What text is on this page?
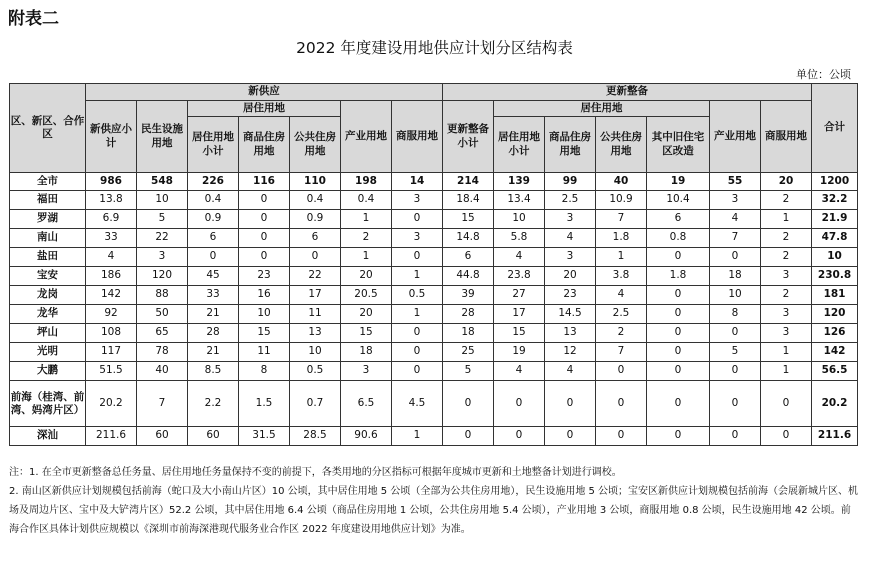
附表二
2022 年度建设用地供应计划分区结构表
单位：公顷
区、新区、合作区	新供应							更新整备							合计
	新供应小计	民生设施用地	居住用地			产业用地	商服用地	更新整备小计	居住用地				产业用地	商服用地	
			居住用地小计	商品住房用地	公共住房用地				居住用地小计	商品住房用地	公共住房用地	其中旧住宅区改造			
全市	986	548	226	116	110	198	14	214	139	99	40	19	55	20	1200
福田	13.8	10	0.4	0	0.4	0.4	3	18.4	13.4	2.5	10.9	10.4	3	2	32.2
罗湖	6.9	5	0.9	0	0.9	1	0	15	10	3	7	6	4	1	21.9
南山	33	22	6	0	6	2	3	14.8	5.8	4	1.8	0.8	7	2	47.8
盐田	4	3	0	0	0	1	0	6	4	3	1	0	0	2	10
宝安	186	120	45	23	22	20	1	44.8	23.8	20	3.8	1.8	18	3	230.8
龙岗	142	88	33	16	17	20.5	0.5	39	27	23	4	0	10	2	181
龙华	92	50	21	10	11	20	1	28	17	14.5	2.5	0	8	3	120
坪山	108	65	28	15	13	15	0	18	15	13	2	0	0	3	126
光明	117	78	21	11	10	18	0	25	19	12	7	0	5	1	142
大鹏	51.5	40	8.5	8	0.5	3	0	5	4	4	0	0	0	1	56.5
前海（桂湾、前湾、妈湾片区）	20.2	7	2.2	1.5	0.7	6.5	4.5	0	0	0	0	0	0	0	20.2
深汕	211.6	60	60	31.5	28.5	90.6	1	0	0	0	0	0	0	0	211.6
注：1. 在全市更新整备总任务量、居住用地任务量保持不变的前提下，各类用地的分区指标可根据年度城市更新和土地整备计划进行调校。
2. 南山区新供应计划规模包括前海（蛇口及大小南山片区）10 公顷，其中居住用地 5 公顷（全部为公共住房用地），民生设施用地 5 公顷；宝安区新供应计划规模包括前海（会展新城片区、机场及周边片区、宝中及大铲湾片区）52.2 公顷，其中居住用地 6.4 公顷（商品住房用地 1 公顷，公共住房用地 5.4 公顷），产业用地 3 公顷，商服用地 0.8 公顷，民生设施用地 42 公顷。前海合作区具体计划供应规模以《深圳市前海深港现代服务业合作区 2022 年度建设用地供应计划》为准。
